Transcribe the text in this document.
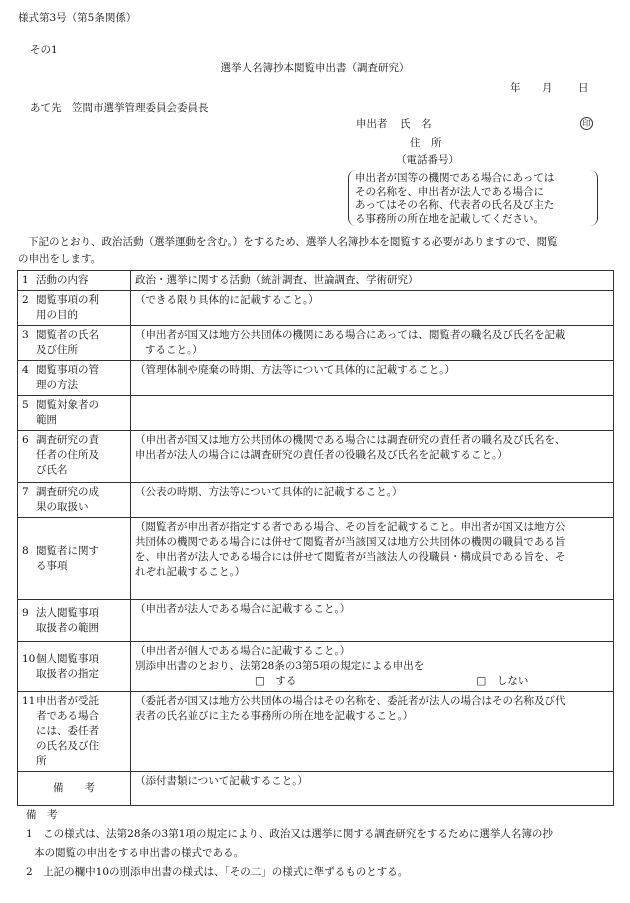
様式第3号（第5条関係）
その1
選挙人名簿抄本閲覧申出書（調査研究）
年 月 日
あて先　笠間市選挙管理委員会委員長
申出者 氏　名	印
住　所
（電話番号）
申出者が国等の機関である場合にあっては
その名称を、申出者が法人である場合に
あってはその名称、代表者の氏名及び主た
る事務所の所在地を記載してください。
下記のとおり、政治活動（選挙運動を含む。）をするため、選挙人名簿抄本を閲覧する必要がありますので、閲覧
の申出をします。
1 活動の内容	政治・選挙に関する活動（統計調査、世論調査、学術研究）

2 閲覧事項の利
用の目的	（できる限り具体的に記載すること。）

3 閲覧者の氏名
及び住所	（申出者が国又は地方公共団体の機関にある場合にあっては、閲覧者の職名及び氏名を記載
すること。）

4 閲覧事項の管
理の方法	（管理体制や廃棄の時期、方法等について具体的に記載すること。）

5 閲覧対象者の
範囲	

6 調査研究の責
任者の住所及
び氏名	（申出者が国又は地方公共団体の機関である場合には調査研究の責任者の職名及び氏名を、
申出者が法人の場合には調査研究の責任者の役職名及び氏名を記載すること。）

7 調査研究の成
果の取扱い	（公表の時期、方法等について具体的に記載すること。）

8 閲覧者に関す
る事項	（閲覧者が申出者が指定する者である場合、その旨を記載すること。申出者が国又は地方公
共団体の機関である場合には併せて閲覧者が当該国又は地方公共団体の機関の職員である旨
を、申出者が法人である場合には併せて閲覧者が当該法人の役職員・構成員である旨を、そ
れぞれ記載すること。）

9 法人閲覧事項
取扱者の範囲	（申出者が法人である場合に記載すること。）

10個人閲覧事項
取扱者の指定	（申出者が個人である場合に記載すること。）
別添申出書のとおり、法第28条の3第5項の規定による申出を
□　する □　しない

11申出者が受託
者である場合
には、委任者
の氏名及び住
所	（委託者が国又は地方公共団体の場合はその名称を、委託者が法人の場合はその名称及び代
表者の氏名並びに主たる事務所の所在地を記載すること。）

備　　考	（添付書類について記載すること。）
備　考
1　この様式は、法第28条の3第1項の規定により、政治又は選挙に関する調査研究をするために選挙人名簿の抄
本の閲覧の申出をする申出書の様式である。
2　上記の欄中10の別添申出書の様式は、「その二」の様式に準ずるものとする。
